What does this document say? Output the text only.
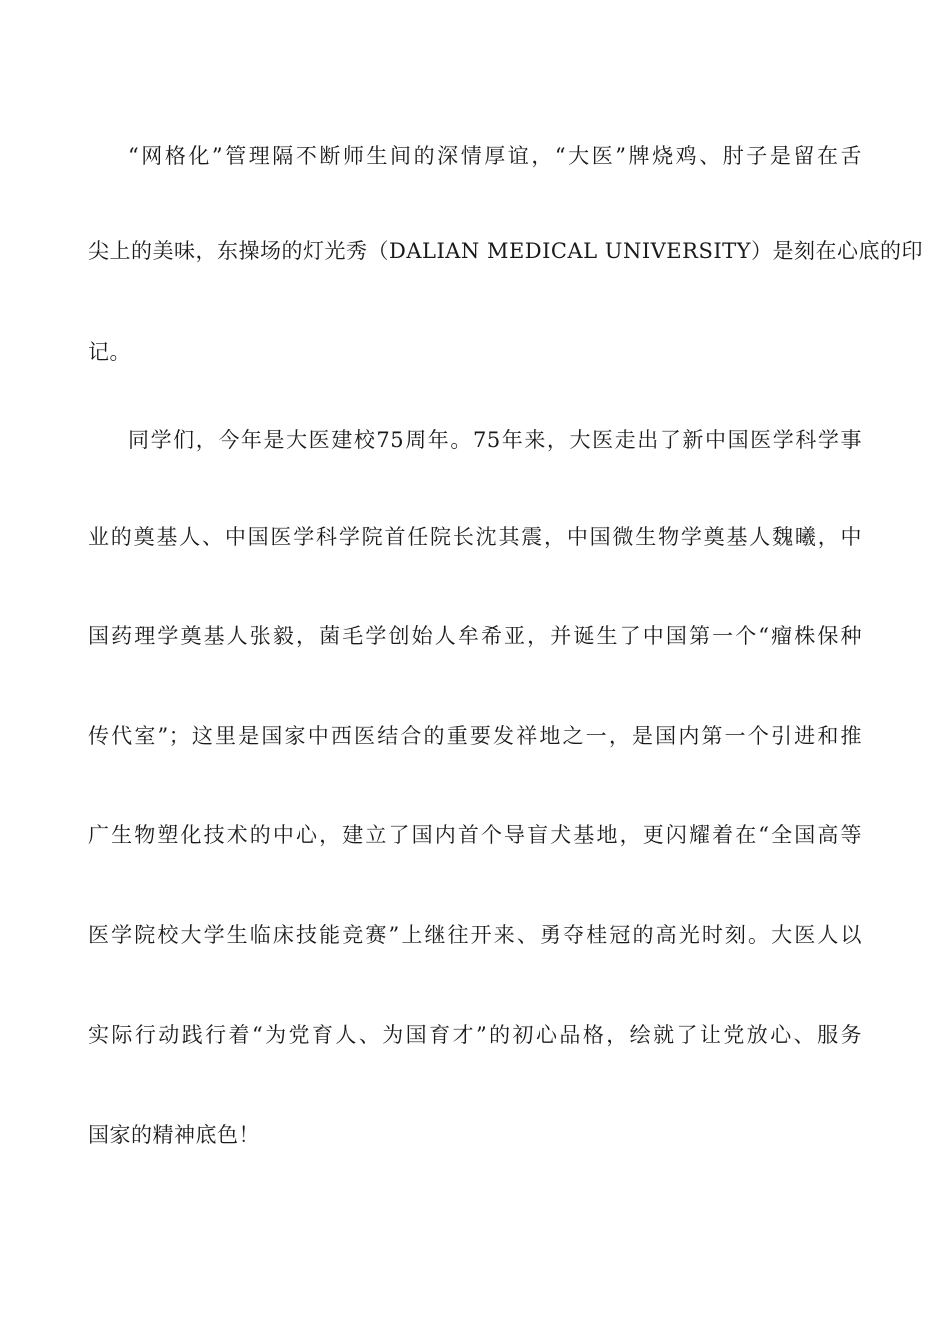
“网格化”管理隔不断师生间的深情厚谊，“大医”牌烧鸡、肘子是留在舌
尖上的美味，东操场的灯光秀（DALIAN MEDICAL UNIVERSITY）是刻在心底的印
记。
同学们，今年是大医建校75周年。75年来，大医走出了新中国医学科学事
业的奠基人、中国医学科学院首任院长沈其震，中国微生物学奠基人魏曦，中
国药理学奠基人张毅，菌毛学创始人牟希亚，并诞生了中国第一个“瘤株保种
传代室”；这里是国家中西医结合的重要发祥地之一，是国内第一个引进和推
广生物塑化技术的中心，建立了国内首个导盲犬基地，更闪耀着在“全国高等
医学院校大学生临床技能竞赛”上继往开来、勇夺桂冠的高光时刻。大医人以
实际行动践行着“为党育人、为国育才”的初心品格，绘就了让党放心、服务
国家的精神底色！
